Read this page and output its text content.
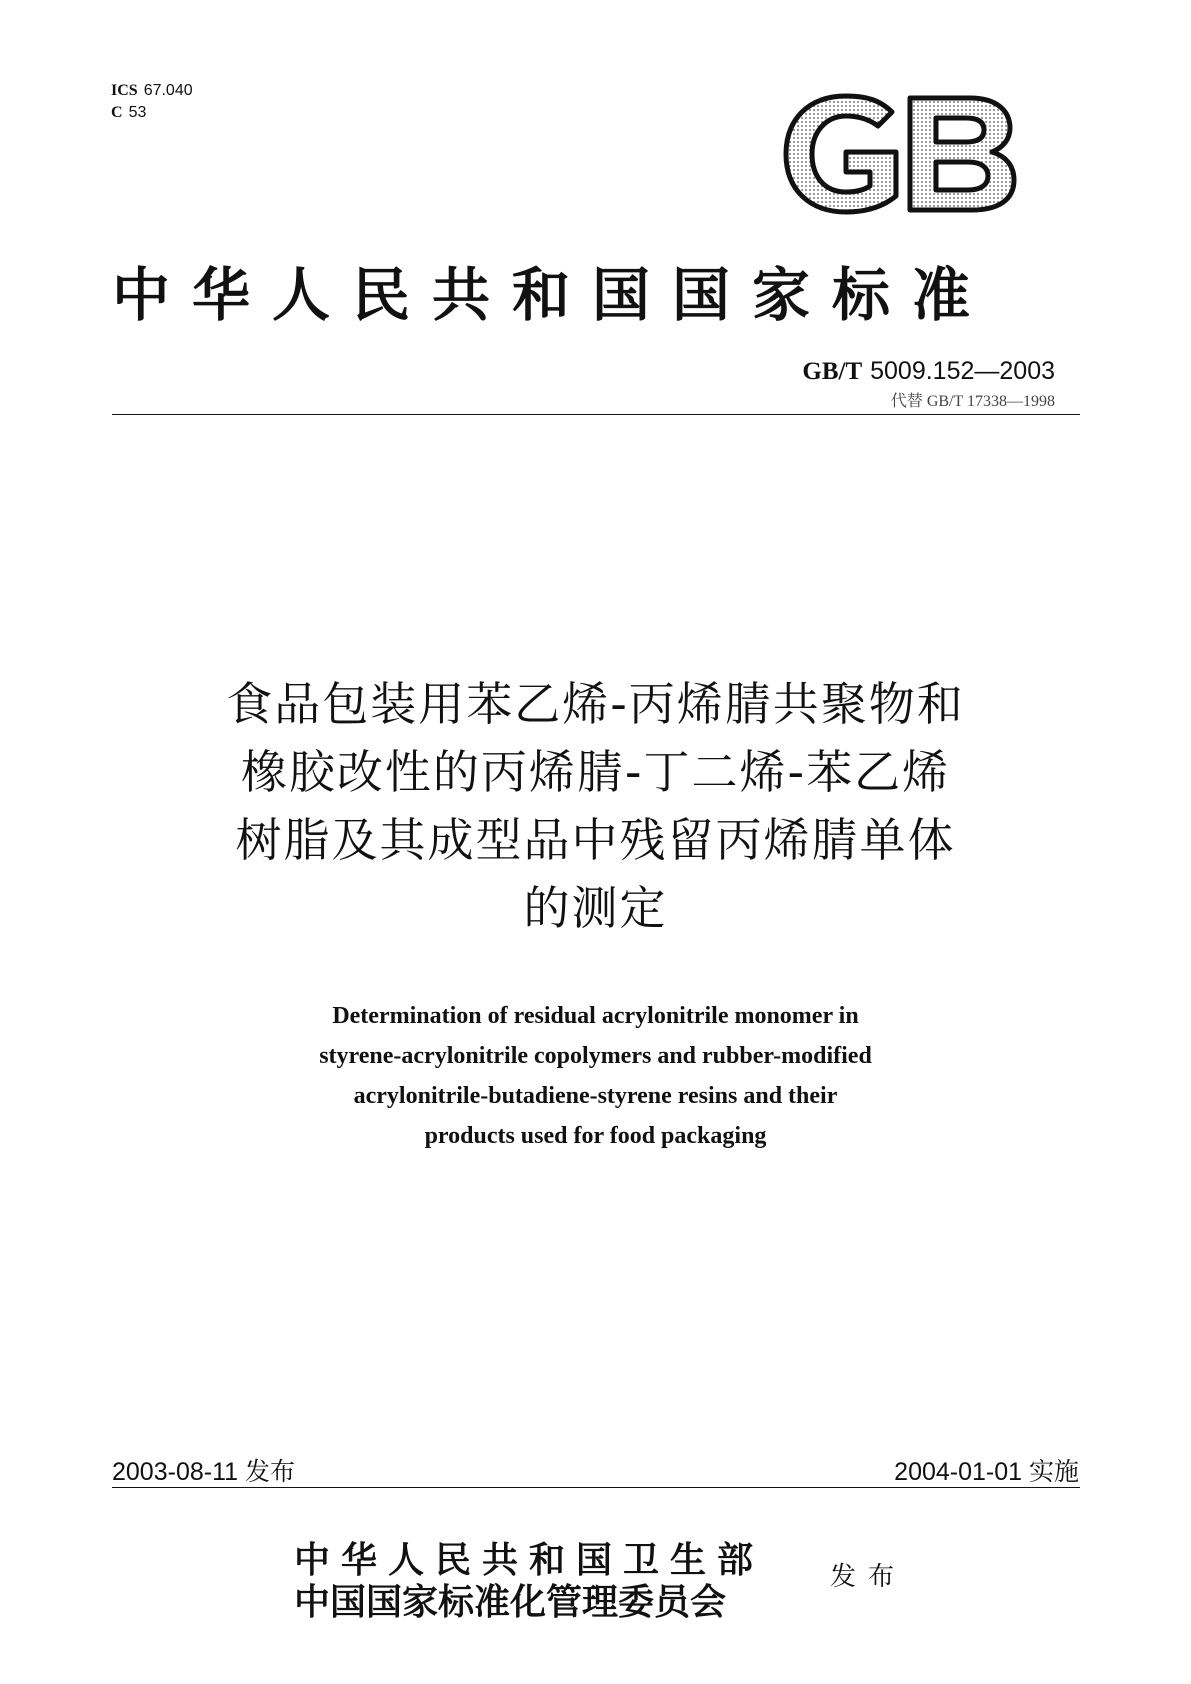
ICS 67.040
C 53
中华人民共和国国家标准
GB/T 5009.152—2003
代替 GB/T 17338—1998
食品包装用苯乙烯-丙烯腈共聚物和
橡胶改性的丙烯腈-丁二烯-苯乙烯
树脂及其成型品中残留丙烯腈单体
的测定
Determination of residual acrylonitrile monomer in
styrene-acrylonitrile copolymers and rubber-modified
acrylonitrile-butadiene-styrene resins and their
products used for food packaging
2003-08-11 发布	2004-01-01 实施
中华人民共和国卫生部
中国国家标准化管理委员会
发布
